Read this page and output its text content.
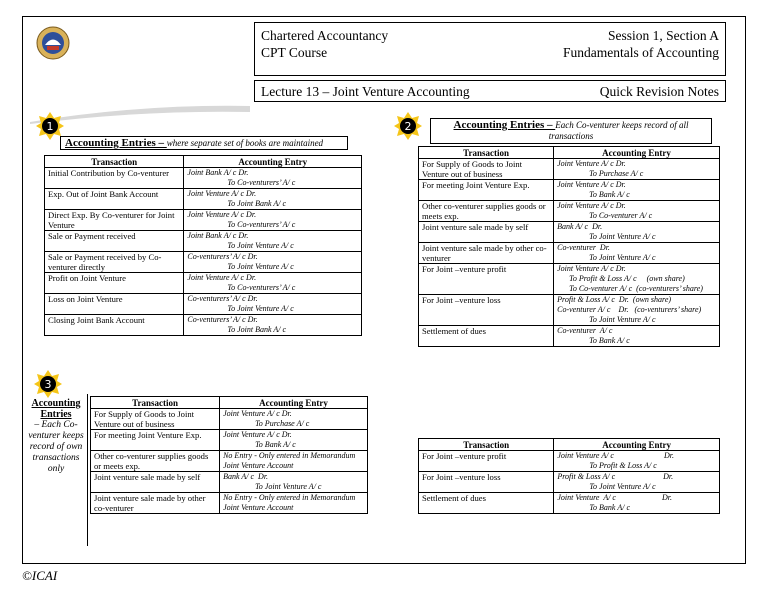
Chartered Accountancy	Session 1, Section A
CPT Course	Fundamentals of Accounting
Lecture 13 – Joint Venture Accounting	Quick Revision Notes
1	2
3
Accounting Entries – where separate set of books are maintained
Transaction	Accounting Entry
Initial Contribution by Co-venturer	Joint Bank A/ c Dr.
To Co-venturers’ A/ c
Exp. Out of Joint Bank Account	Joint Venture A/ c Dr.
To Joint Bank A/ c
Direct Exp. By Co-venturer for Joint Venture	Joint Venture A/ c Dr.
To Co-venturers’ A/ c
Sale or Payment received	Joint Bank A/ c Dr.
To Joint Venture A/ c
Sale or Payment received by Co-venturer directly	Co-venturers’ A/ c Dr.
To Joint Venture A/ c
Profit on Joint Venture	Joint Venture A/ c Dr.
To Co-venturers’ A/ c
Loss on Joint Venture	Co-venturers’ A/ c Dr.
To Joint Venture A/ c
Closing Joint Bank Account	Co-venturers’ A/ c Dr.
To Joint Bank A/ c
Accounting Entries – Each Co-venturer keeps record of all transactions
Transaction	Accounting Entry
For Supply of Goods to Joint Venture out of business	Joint Venture A/ c Dr.
To Purchase A/ c
For meeting Joint Venture Exp.	Joint Venture A/ c Dr.
To Bank A/ c
Other co-venturer supplies goods or meets exp.	Joint Venture A/ c Dr.
To Co-venturer A/ c
Joint venture sale made by self	Bank A/ c  Dr.
To Joint Venture A/ c
Joint venture sale made by other co-venturer	Co-venturer  Dr.
To Joint Venture A/ c
For Joint –venture profit	Joint Venture A/ c Dr.
To Profit & Loss A/ c     (own share)
To Co-venturer A/ c  (co-venturers’ share)
For Joint –venture loss	Profit & Loss A/ c  Dr.  (own share)
Co-venturer A/ c    Dr.   (co-venturers’ share)
To Joint Venture A/ c
Settlement of dues	Co-venturer  A/ c
To Bank A/ c
Accounting Entries
– Each Co-venturer keeps record of own transactions only
Transaction	Accounting Entry
For Supply of Goods to Joint Venture out of business	Joint Venture A/ c Dr.
To Purchase A/ c
For meeting Joint Venture Exp.	Joint Venture A/ c Dr.
To Bank A/ c
Other co-venturer supplies goods or meets exp.	No Entry - Only entered in Memorandum
Joint Venture Account
Joint venture sale made by self	Bank A/ c  Dr.
To Joint Venture A/ c
Joint venture sale made by other co-venturer	No Entry - Only entered in Memorandum
Joint Venture Account
Transaction	Accounting Entry
For Joint –venture profit	Joint Venture A/ c                         Dr.
To Profit & Loss A/ c
For Joint –venture loss	Profit & Loss A/ c                        Dr.
To Joint Venture A/ c
Settlement of dues	Joint Venture  A/ c                       Dr.
To Bank A/ c
©ICAI
